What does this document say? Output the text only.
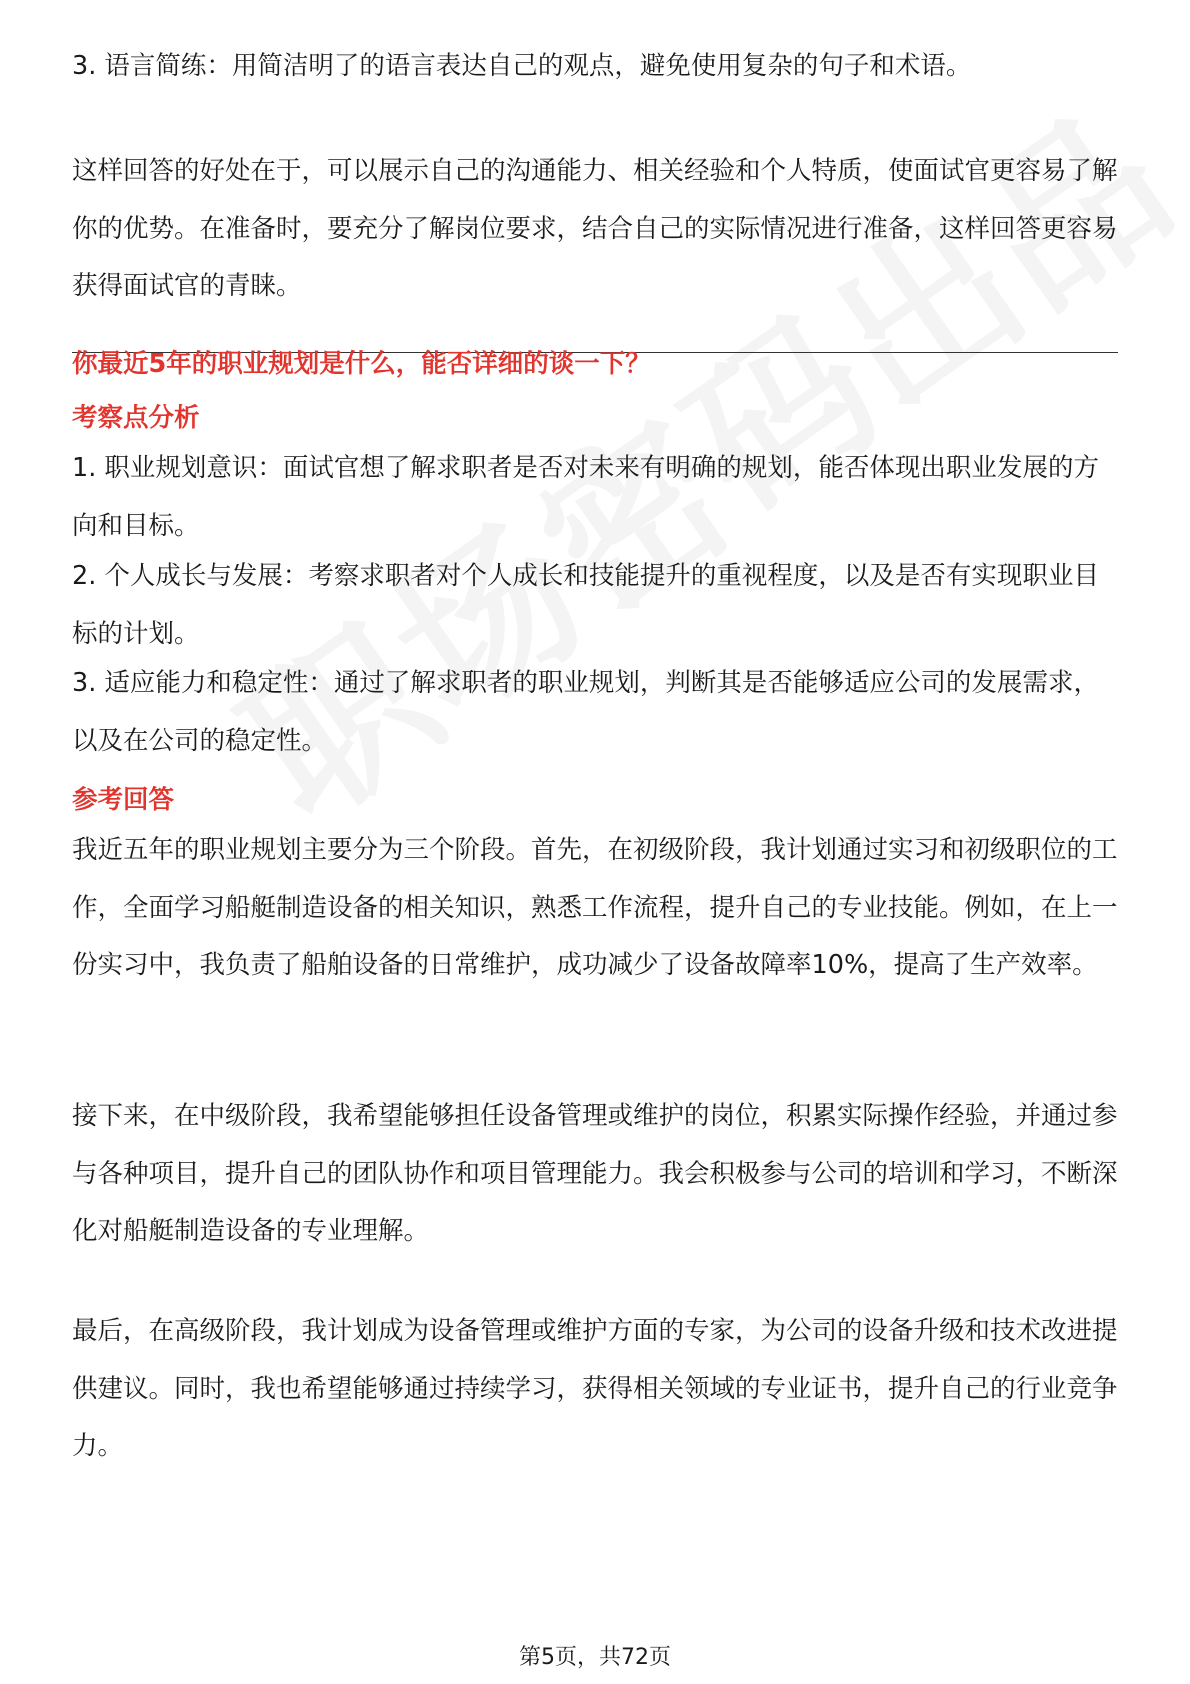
3. 语言简练：用简洁明了的语言表达自己的观点，避免使用复杂的句子和术语。

这样回答的好处在于，可以展示自己的沟通能力、相关经验和个人特质，使面试官更容易了解你的优势。在准备时，要充分了解岗位要求，结合自己的实际情况进行准备，这样回答更容易获得面试官的青睐。

你最近5年的职业规划是什么，能否详细的谈一下？
考察点分析

1. 职业规划意识：面试官想了解求职者是否对未来有明确的规划，能否体现出职业发展的方向和目标。

2. 个人成长与发展：考察求职者对个人成长和技能提升的重视程度，以及是否有实现职业目标的计划。

3. 适应能力和稳定性：通过了解求职者的职业规划，判断其是否能够适应公司的发展需求，以及在公司的稳定性。

参考回答

我近五年的职业规划主要分为三个阶段。首先，在初级阶段，我计划通过实习和初级职位的工作，全面学习船艇制造设备的相关知识，熟悉工作流程，提升自己的专业技能。例如，在上一份实习中，我负责了船舶设备的日常维护，成功减少了设备故障率10%，提高了生产效率。

接下来，在中级阶段，我希望能够担任设备管理或维护的岗位，积累实际操作经验，并通过参与各种项目，提升自己的团队协作和项目管理能力。我会积极参与公司的培训和学习，不断深化对船艇制造设备的专业理解。

最后，在高级阶段，我计划成为设备管理或维护方面的专家，为公司的设备升级和技术改进提供建议。同时，我也希望能够通过持续学习，获得相关领域的专业证书，提升自己的行业竞争力。

第5页，共72页
